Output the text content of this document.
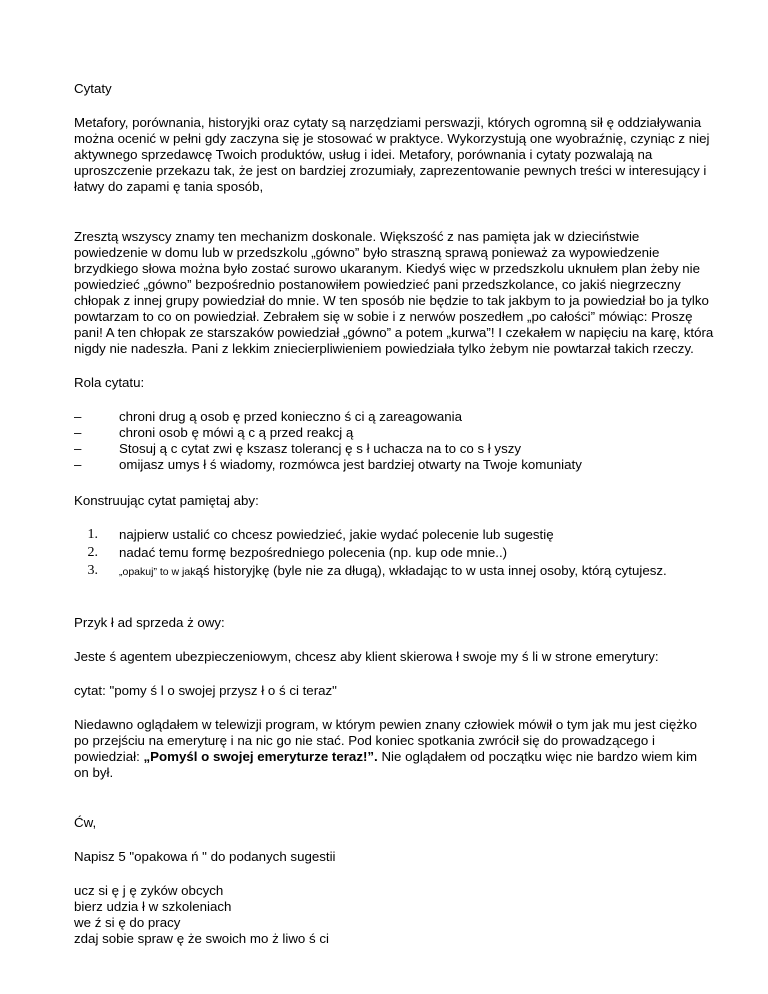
Cytaty

Metafory, porównania, historyjki oraz cytaty są narzędziami perswazji, których ogromną sił ę oddziaływania można ocenić w pełni gdy zaczyna się je stosować w praktyce. Wykorzystują one wyobraźnię, czyniąc z niej aktywnego sprzedawcę Twoich produktów, usług i idei. Metafory, porównania i cytaty pozwalają na uproszczenie przekazu tak, że jest on bardziej zrozumiały, zaprezentowanie pewnych treści w interesujący i łatwy do zapami ę tania sposób,

Zresztą wszyscy znamy ten mechanizm doskonale. Większość z nas pamięta jak w dzieciństwie powiedzenie w domu lub w przedszkolu „gówno” było straszną sprawą ponieważ za wypowiedzenie brzydkiego słowa można było zostać surowo ukaranym. Kiedyś więc w przedszkolu uknułem plan żeby nie powiedzieć „gówno” bezpośrednio postanowiłem powiedzieć pani przedszkolance, co jakiś niegrzeczny chłopak z innej grupy powiedział do mnie. W ten sposób nie będzie to tak jakbym to ja powiedział bo ja tylko powtarzam to co on powiedział. Zebrałem się w sobie i z nerwów poszedłem „po całości” mówiąc: Proszę pani! A ten chłopak ze starszaków powiedział „gówno” a potem „kurwa”! I czekałem w napięciu na karę, która nigdy nie nadeszła. Pani z lekkim zniecierpliwieniem powiedziała tylko żebym nie powtarzał takich rzeczy.

Rola cytatu:

–	chroni drug ą osob ę przed konieczno ś ci ą zareagowania
–	chroni osob ę mówi ą c ą przed reakcj ą
–	Stosuj ą c cytat zwi ę kszasz tolerancj ę s ł uchacza na to co s ł yszy
–	omijasz umys ł ś wiadomy, rozmówca jest bardziej otwarty na Twoje komuniaty

Konstruując cytat pamiętaj aby:

1. najpierw ustalić co chcesz powiedzieć, jakie wydać polecenie lub sugestię
2. nadać temu formę bezpośredniego polecenia (np. kup ode mnie..)
3. „opakuj” to w jakąś historyjkę (byle nie za długą), wkładając to w usta innej osoby, którą cytujesz.

Przyk ł ad sprzeda ż owy:

Jeste ś agentem ubezpieczeniowym, chcesz aby klient skierowa ł swoje my ś li w strone emerytury:

cytat: "pomy ś l o swojej przysz ł o ś ci teraz"

Niedawno oglądałem w telewizji program, w którym pewien znany człowiek mówił o tym jak mu jest ciężko po przejściu na emeryturę i na nic go nie stać. Pod koniec spotkania zwrócił się do prowadzącego i powiedział: „Pomyśl o swojej emeryturze teraz!”. Nie oglądałem od początku więc nie bardzo wiem kim on był.

Ćw,

Napisz 5 "opakowa ń " do podanych sugestii

ucz si ę j ę zyków obcych

bierz udzia ł w szkoleniach

we ź si ę do pracy

zdaj sobie spraw ę że swoich mo ż liwo ś ci
